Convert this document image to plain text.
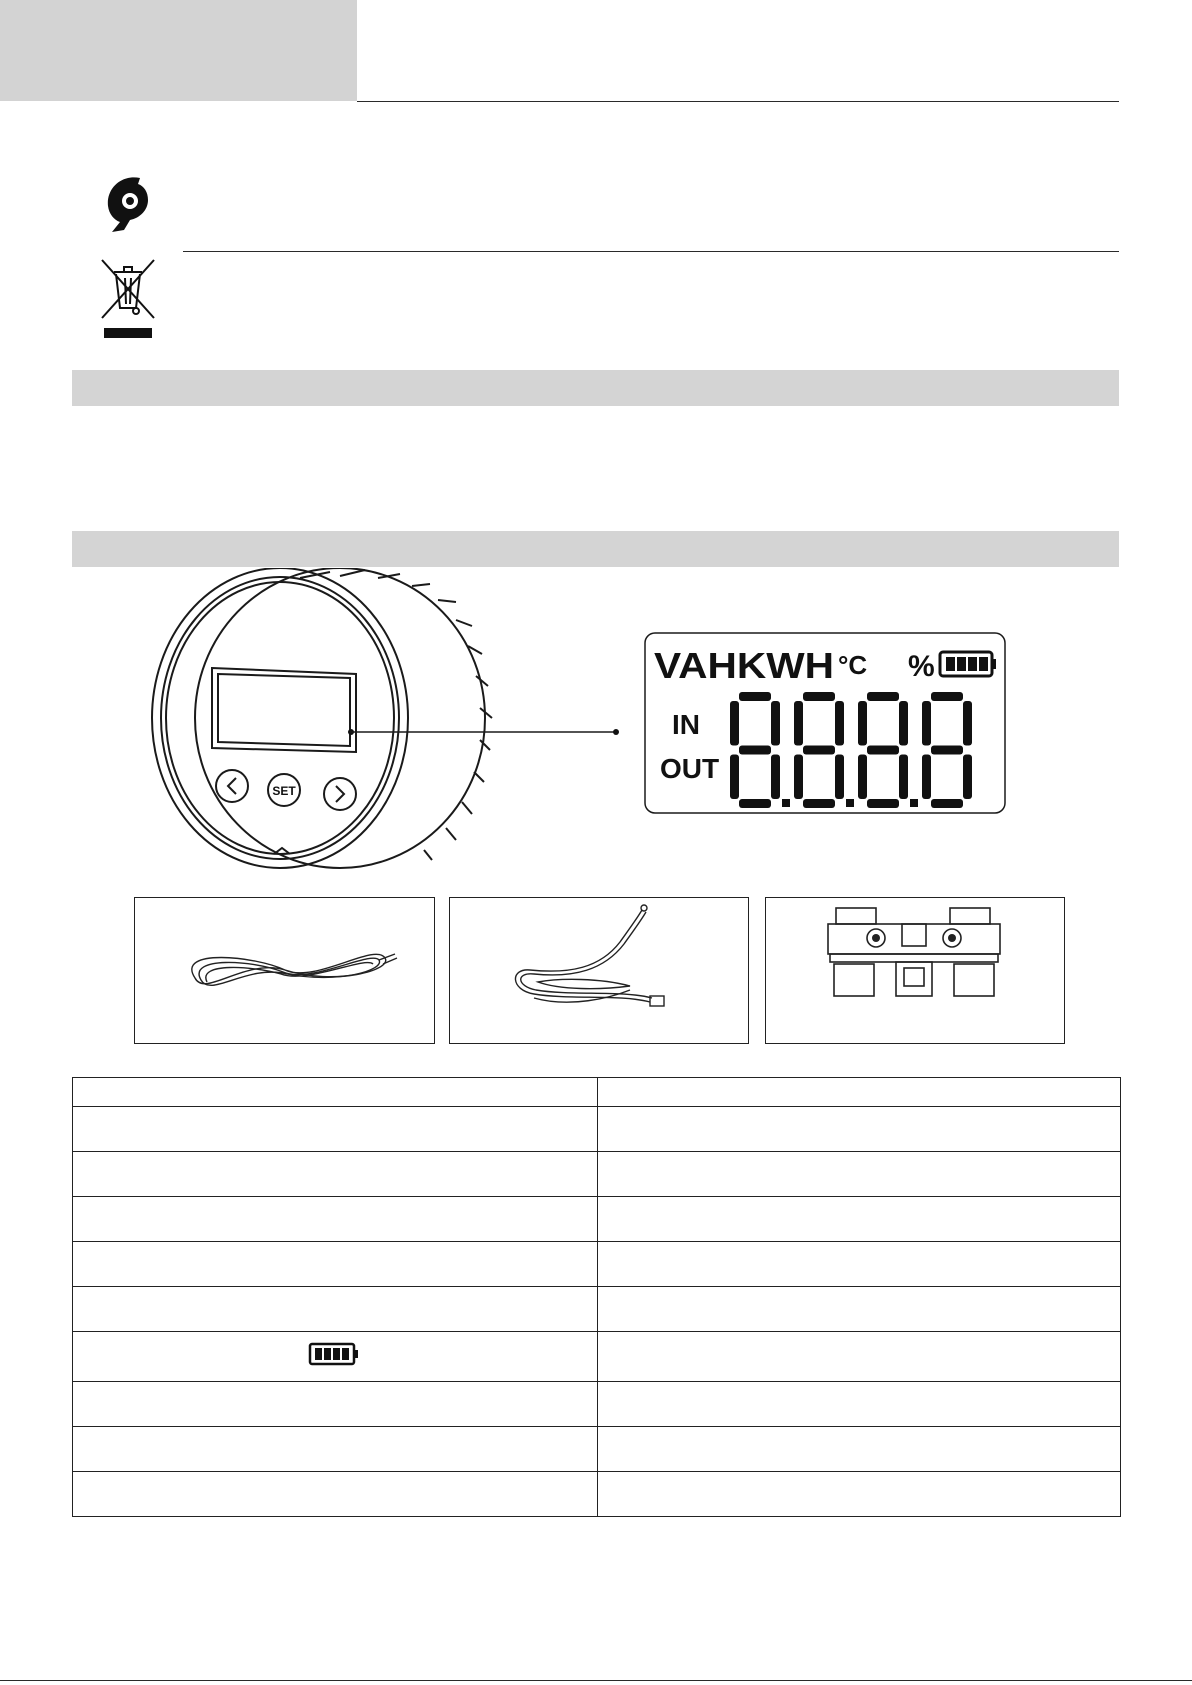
SET
VAHKWH °C %
IN
OUT
